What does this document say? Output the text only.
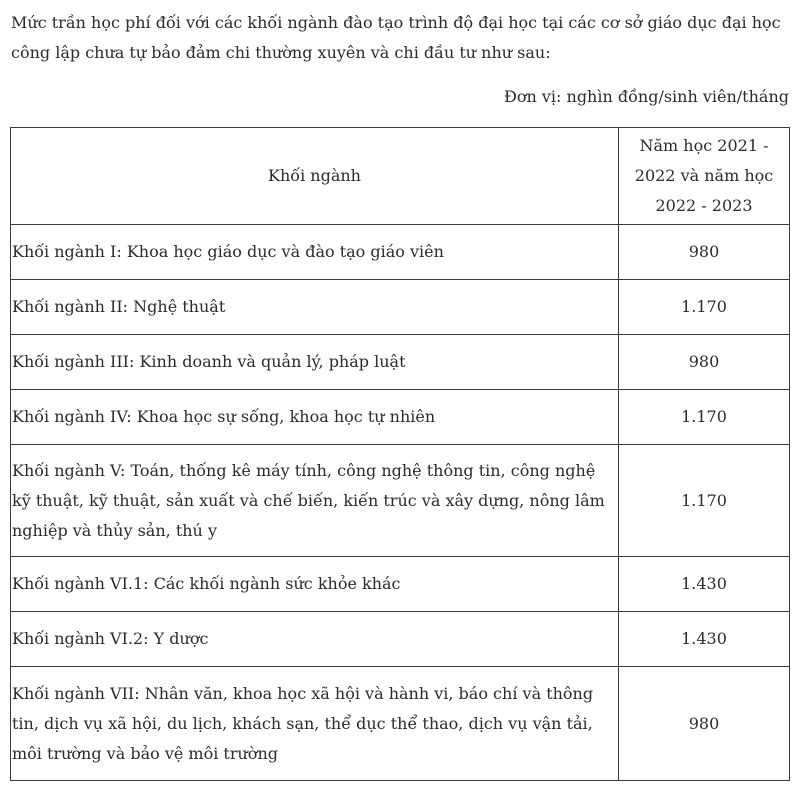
Mức trần học phí đối với các khối ngành đào tạo trình độ đại học tại các cơ sở giáo dục đại học công lập chưa tự bảo đảm chi thường xuyên và chi đầu tư như sau:

Đơn vị: nghìn đồng/sinh viên/tháng

Khối ngành	Năm học 2021 - 2022 và năm học 2022 - 2023
Khối ngành I: Khoa học giáo dục và đào tạo giáo viên	980
Khối ngành II: Nghệ thuật	1.170
Khối ngành III: Kinh doanh và quản lý, pháp luật	980
Khối ngành IV: Khoa học sự sống, khoa học tự nhiên	1.170
Khối ngành V: Toán, thống kê máy tính, công nghệ thông tin, công nghệ kỹ thuật, kỹ thuật, sản xuất và chế biến, kiến trúc và xây dựng, nông lâm nghiệp và thủy sản, thú y	1.170
Khối ngành VI.1: Các khối ngành sức khỏe khác	1.430
Khối ngành VI.2: Y dược	1.430
Khối ngành VII: Nhân văn, khoa học xã hội và hành vi, báo chí và thông tin, dịch vụ xã hội, du lịch, khách sạn, thể dục thể thao, dịch vụ vận tải, môi trường và bảo vệ môi trường	980
